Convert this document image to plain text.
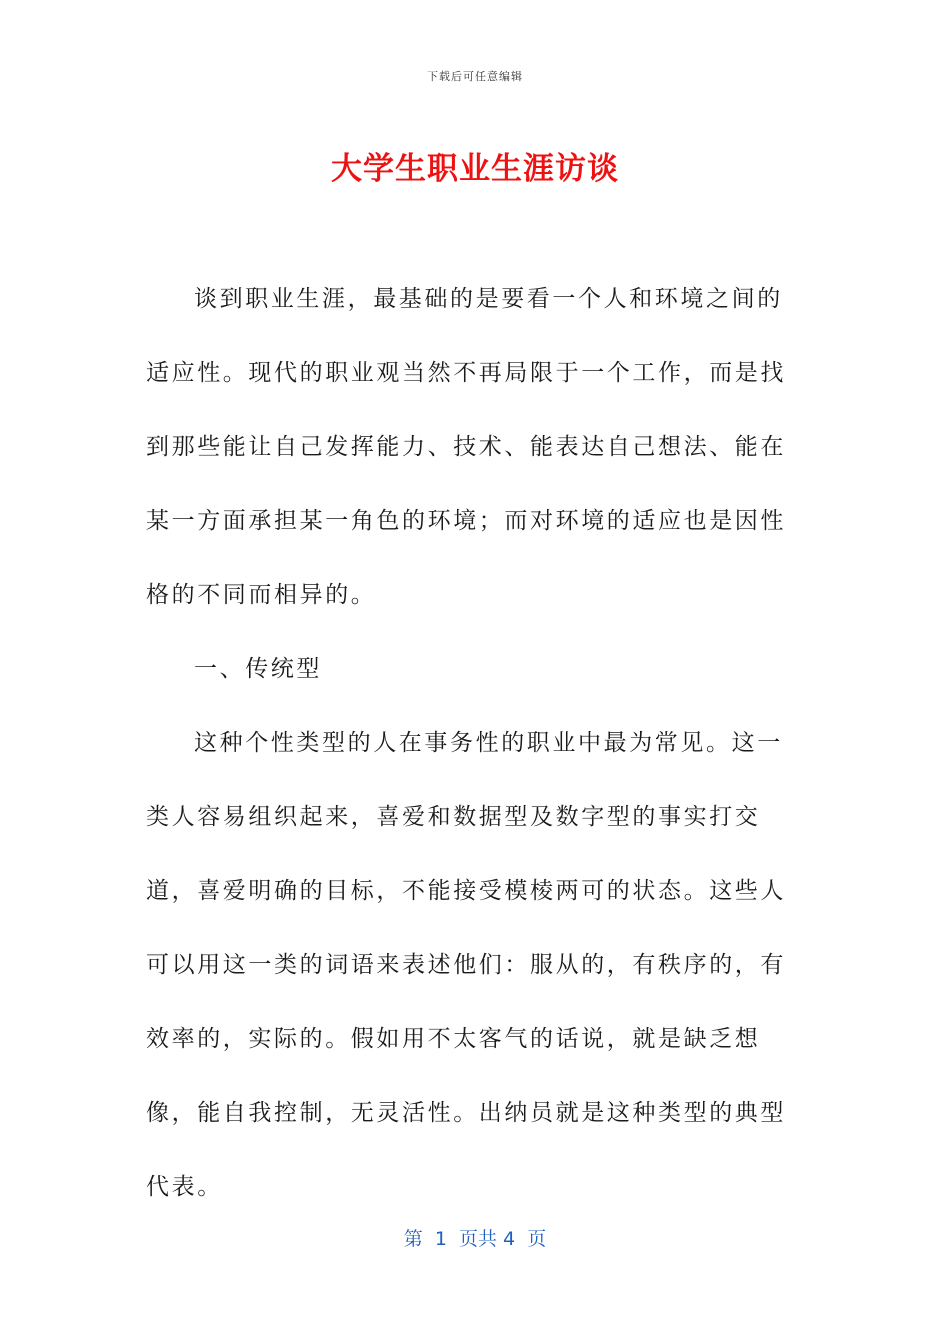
下载后可任意编辑
大学生职业生涯访谈

谈到职业生涯，最基础的是要看一个人和环境之间的适应性。现代的职业观当然不再局限于一个工作，而是找到那些能让自己发挥能力、技术、能表达自己想法、能在某一方面承担某一角色的环境；而对环境的适应也是因性格的不同而相异的。

一、传统型

这种个性类型的人在事务性的职业中最为常见。这一类人容易组织起来，喜爱和数据型及数字型的事实打交道，喜爱明确的目标，不能接受模棱两可的状态。这些人可以用这一类的词语来表述他们：服从的，有秩序的，有效率的，实际的。假如用不太客气的话说，就是缺乏想像，能自我控制，无灵活性。出纳员就是这种类型的典型代表。

第  1  页共 4  页
